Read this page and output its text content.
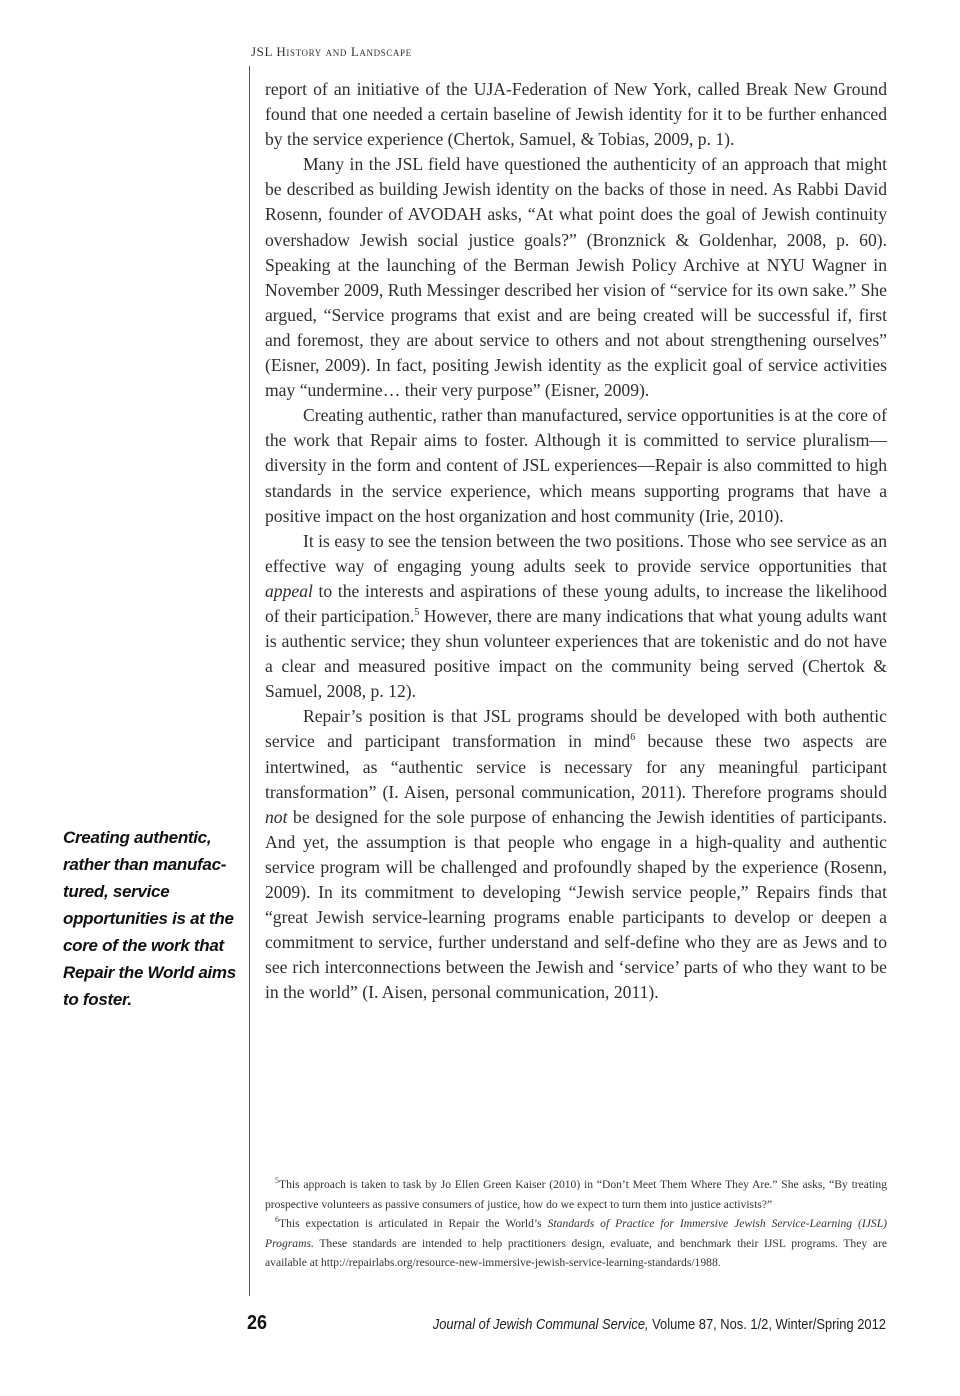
JSL History and Landscape

report of an initiative of the UJA-Federation of New York, called Break New Ground found that one needed a certain baseline of Jewish identity for it to be further enhanced by the service experience (Chertok, Samuel, & Tobias, 2009, p. 1).

Many in the JSL field have questioned the authenticity of an approach that might be described as building Jewish identity on the backs of those in need. As Rabbi David Rosenn, founder of AVODAH asks, “At what point does the goal of Jewish continuity overshadow Jewish social justice goals?” (Bronznick & Goldenhar, 2008, p. 60). Speaking at the launching of the Berman Jewish Policy Archive at NYU Wagner in November 2009, Ruth Messinger described her vision of “service for its own sake.” She argued, “Service programs that exist and are being created will be successful if, first and foremost, they are about service to others and not about strengthening ourselves” (Eisner, 2009). In fact, positing Jewish identity as the explicit goal of service activities may “undermine… their very purpose” (Eisner, 2009).

Creating authentic, rather than manufactured, service opportunities is at the core of the work that Repair aims to foster. Although it is committed to service pluralism—diversity in the form and content of JSL experiences—Repair is also committed to high standards in the service experience, which means supporting programs that have a positive impact on the host organization and host community (Irie, 2010).

It is easy to see the tension between the two positions. Those who see service as an effective way of engaging young adults seek to provide service opportunities that appeal to the interests and aspirations of these young adults, to increase the likelihood of their participation.$^5$ However, there are many indications that what young adults want is authentic service; they shun volunteer experiences that are tokenistic and do not have a clear and measured positive impact on the community being served (Chertok & Samuel, 2008, p. 12).

Repair’s position is that JSL programs should be developed with both authentic service and participant transformation in mind$^6$ because these two aspects are intertwined, as “authentic service is necessary for any meaningful participant transformation” (I. Aisen, personal communication, 2011). Therefore programs should not be designed for the sole purpose of enhancing the Jewish identities of participants. And yet, the assumption is that people who engage in a high-quality and authentic service program will be challenged and profoundly shaped by the experience (Rosenn, 2009). In its commitment to developing “Jewish service people,” Repairs finds that “great Jewish service-learning programs enable participants to develop or deepen a commitment to service, further understand and self-define who they are as Jews and to see rich interconnections between the Jewish and ‘service’ parts of who they want to be in the world” (I. Aisen, personal communication, 2011).

Creating authentic, rather than manufac-tured, service opportunities is at the core of the work that Repair the World aims to foster.

$^5$This approach is taken to task by Jo Ellen Green Kaiser (2010) in “Don’t Meet Them Where They Are.” She asks, “By treating prospective volunteers as passive consumers of justice, how do we expect to turn them into justice activists?”

$^6$This expectation is articulated in Repair the World’s Standards of Practice for Immersive Jewish Service-Learning (IJSL) Programs. These standards are intended to help practitioners design, evaluate, and benchmark their IJSL programs. They are available at http://repairlabs.org/resource-new-immersive-jewish-service-learning-standards/1988.

26	Journal of Jewish Communal Service, Volume 87, Nos. 1/2, Winter/Spring 2012
